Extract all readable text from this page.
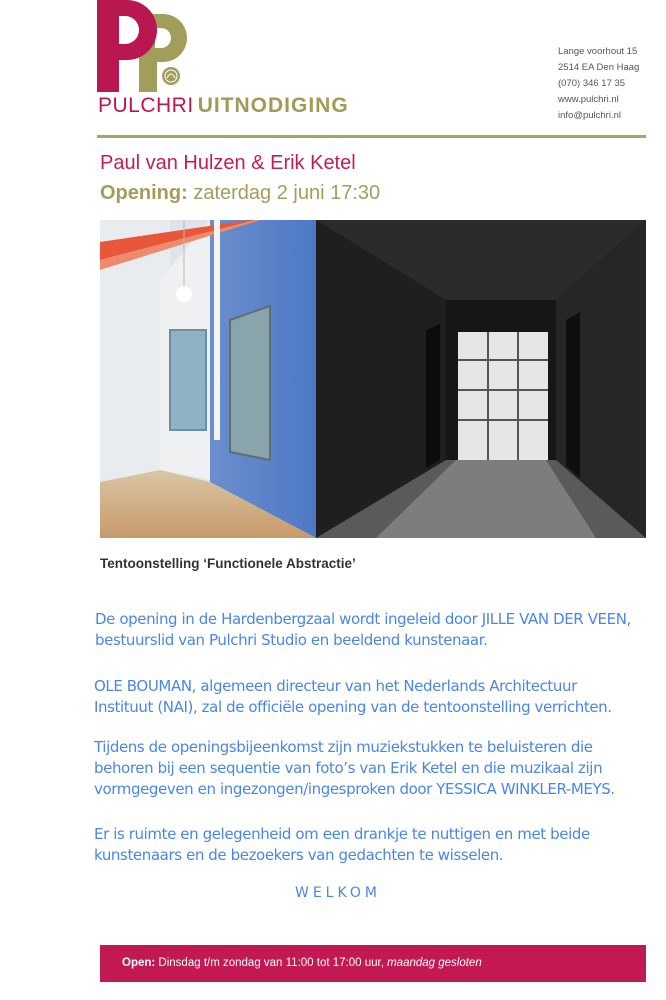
PULCHRI UITNODIGING
Lange voorhout 15
2514 EA Den Haag
(070) 346 17 35
www.pulchri.nl
info@pulchri.nl
Paul van Hulzen & Erik Ketel
Opening: zaterdag 2 juni 17:30
Tentoonstelling ‘Functionele Abstractie’
De opening in de Hardenbergzaal wordt ingeleid door JILLE VAN DER VEEN,
bestuurslid van Pulchri Studio en beeldend kunstenaar.
OLE BOUMAN, algemeen directeur van het Nederlands Architectuur
Instituut (NAI), zal de officiële opening van de tentoonstelling verrichten.
Tijdens de openingsbijeenkomst zijn muziekstukken te beluisteren die
behoren bij een sequentie van foto’s van Erik Ketel en die muzikaal zijn
vormgegeven en ingezongen/ingesproken door YESSICA WINKLER-MEYS.
Er is ruimte en gelegenheid om een drankje te nuttigen en met beide
kunstenaars en de bezoekers van gedachten te wisselen.
WELKOM
Open: Dinsdag t/m zondag van 11:00 tot 17:00 uur, maandag gesloten
